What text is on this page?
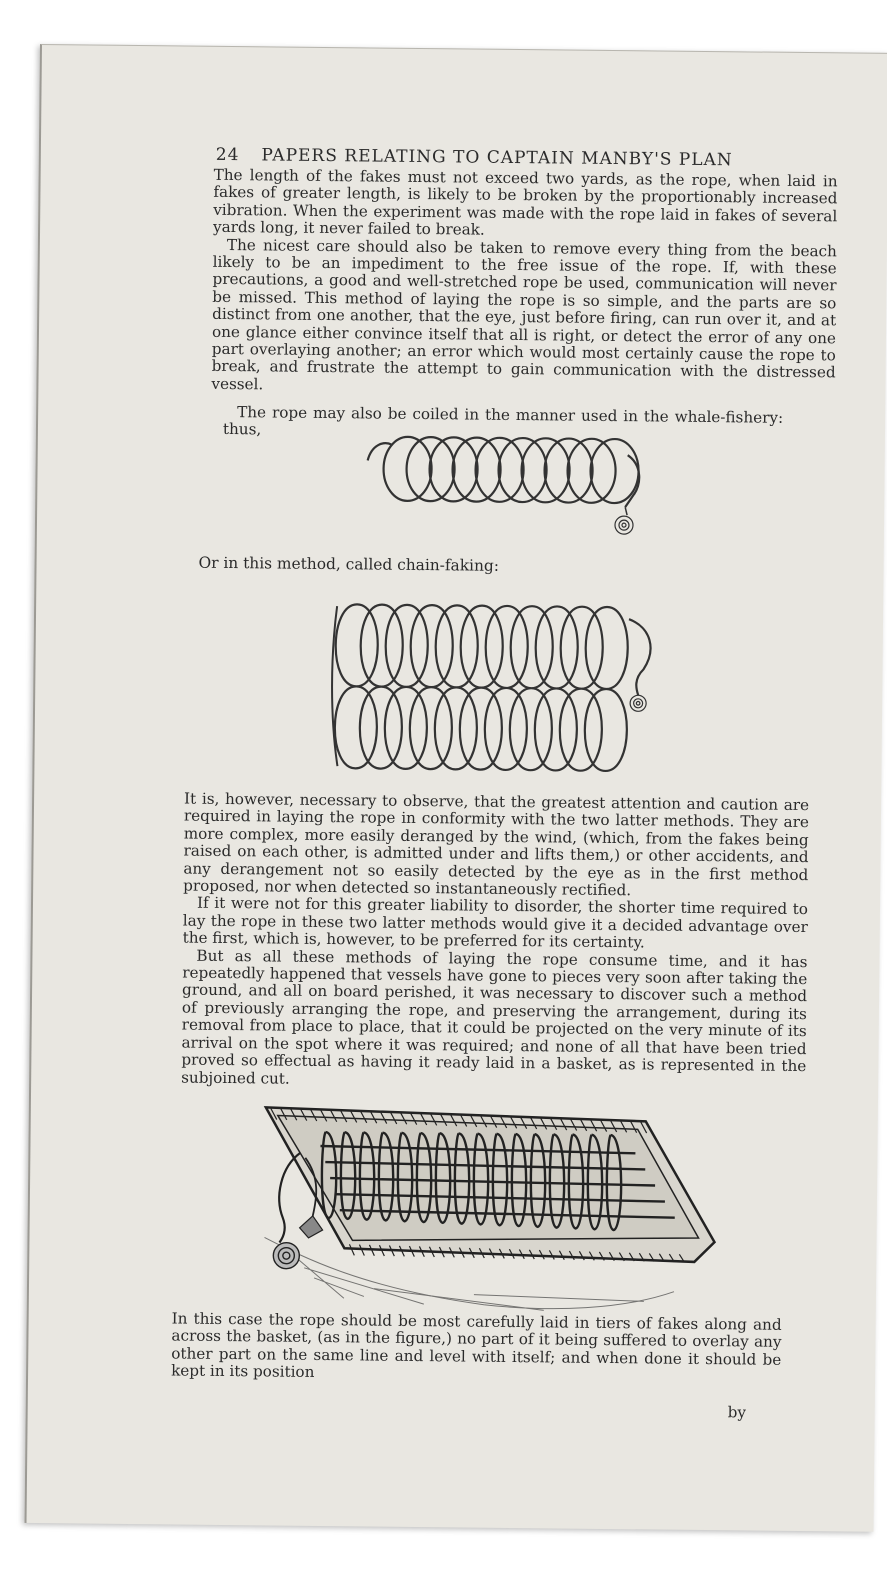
24 PAPERS RELATING TO CAPTAIN MANBY'S PLAN

The length of the fakes must not exceed two yards, as the rope, when laid in fakes of greater length, is likely to be broken by the proportionably increased vibration. When the experiment was made with the rope laid in fakes of several yards long, it never failed to break.

The nicest care should also be taken to remove every thing from the beach likely to be an impediment to the free issue of the rope. If, with these precautions, a good and well-stretched rope be used, communication will never be missed. This method of laying the rope is so simple, and the parts are so distinct from one another, that the eye, just before firing, can run over it, and at one glance either convince itself that all is right, or detect the error of any one part overlaying another; an error which would most certainly cause the rope to break, and frustrate the attempt to gain communication with the distressed vessel.

The rope may also be coiled in the manner used in the whale-fishery: thus,

Or in this method, called chain-faking:

It is, however, necessary to observe, that the greatest attention and caution are required in laying the rope in conformity with the two latter methods. They are more complex, more easily deranged by the wind, (which, from the fakes being raised on each other, is admitted under and lifts them,) or other accidents, and any derangement not so easily detected by the eye as in the first method proposed, nor when detected so instantaneously rectified.

If it were not for this greater liability to disorder, the shorter time required to lay the rope in these two latter methods would give it a decided advantage over the first, which is, however, to be preferred for its certainty.

But as all these methods of laying the rope consume time, and it has repeatedly happened that vessels have gone to pieces very soon after taking the ground, and all on board perished, it was necessary to discover such a method of previously arranging the rope, and preserving the arrangement, during its removal from place to place, that it could be projected on the very minute of its arrival on the spot where it was required; and none of all that have been tried proved so effectual as having it ready laid in a basket, as is represented in the subjoined cut.

In this case the rope should be most carefully laid in tiers of fakes along and across the basket, (as in the figure,) no part of it being suffered to overlay any other part on the same line and level with itself; and when done it should be kept in its position

by
